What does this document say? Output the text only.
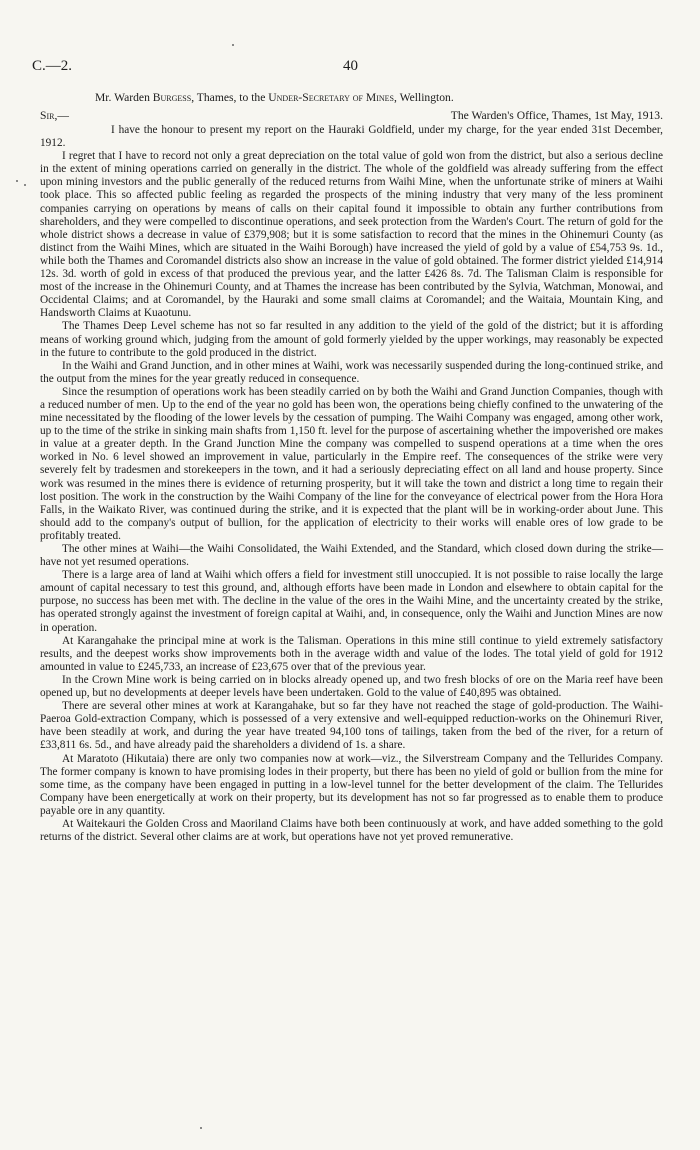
C.—2.	40
Mr. Warden Burgess, Thames, to the Under-Secretary of Mines, Wellington.
Sir,—	The Warden's Office, Thames, 1st May, 1913.

I have the honour to present my report on the Hauraki Goldfield, under my charge, for the year ended 31st December, 1912.

I regret that I have to record not only a great depreciation on the total value of gold won from the district, but also a serious decline in the extent of mining operations carried on generally in the district. The whole of the goldfield was already suffering from the effect upon mining investors and the public generally of the reduced returns from Waihi Mine, when the unfortunate strike of miners at Waihi took place. This so affected public feeling as regarded the prospects of the mining industry that very many of the less prominent companies carrying on operations by means of calls on their capital found it impossible to obtain any further contributions from shareholders, and they were compelled to discontinue operations, and seek protection from the Warden's Court. The return of gold for the whole district shows a decrease in value of £379,908; but it is some satisfaction to record that the mines in the Ohinemuri County (as distinct from the Waihi Mines, which are situated in the Waihi Borough) have increased the yield of gold by a value of £54,753 9s. 1d., while both the Thames and Coromandel districts also show an increase in the value of gold obtained. The former district yielded £14,914 12s. 3d. worth of gold in excess of that produced the previous year, and the latter £426 8s. 7d. The Talisman Claim is responsible for most of the increase in the Ohinemuri County, and at Thames the increase has been contributed by the Sylvia, Watchman, Monowai, and Occidental Claims; and at Coromandel, by the Hauraki and some small claims at Coromandel; and the Waitaia, Mountain King, and Handsworth Claims at Kuaotunu.

The Thames Deep Level scheme has not so far resulted in any addition to the yield of the gold of the district; but it is affording means of working ground which, judging from the amount of gold formerly yielded by the upper workings, may reasonably be expected in the future to contribute to the gold produced in the district.

In the Waihi and Grand Junction, and in other mines at Waihi, work was necessarily suspended during the long-continued strike, and the output from the mines for the year greatly reduced in consequence.

Since the resumption of operations work has been steadily carried on by both the Waihi and Grand Junction Companies, though with a reduced number of men. Up to the end of the year no gold has been won, the operations being chiefly confined to the unwatering of the mine necessitated by the flooding of the lower levels by the cessation of pumping. The Waihi Company was engaged, among other work, up to the time of the strike in sinking main shafts from 1,150 ft. level for the purpose of ascertaining whether the impoverished ore makes in value at a greater depth. In the Grand Junction Mine the company was compelled to suspend operations at a time when the ores worked in No. 6 level showed an improvement in value, particularly in the Empire reef. The consequences of the strike were very severely felt by tradesmen and storekeepers in the town, and it had a seriously depreciating effect on all land and house property. Since work was resumed in the mines there is evidence of returning prosperity, but it will take the town and district a long time to regain their lost position. The work in the construction by the Waihi Company of the line for the conveyance of electrical power from the Hora Hora Falls, in the Waikato River, was continued during the strike, and it is expected that the plant will be in working-order about June. This should add to the company's output of bullion, for the application of electricity to their works will enable ores of low grade to be profitably treated.

The other mines at Waihi—the Waihi Consolidated, the Waihi Extended, and the Standard, which closed down during the strike—have not yet resumed operations.

There is a large area of land at Waihi which offers a field for investment still unoccupied. It is not possible to raise locally the large amount of capital necessary to test this ground, and, although efforts have been made in London and elsewhere to obtain capital for the purpose, no success has been met with. The decline in the value of the ores in the Waihi Mine, and the uncertainty created by the strike, has operated strongly against the investment of foreign capital at Waihi, and, in consequence, only the Waihi and Junction Mines are now in operation.

At Karangahake the principal mine at work is the Talisman. Operations in this mine still continue to yield extremely satisfactory results, and the deepest works show improvements both in the average width and value of the lodes. The total yield of gold for 1912 amounted in value to £245,733, an increase of £23,675 over that of the previous year.

In the Crown Mine work is being carried on in blocks already opened up, and two fresh blocks of ore on the Maria reef have been opened up, but no developments at deeper levels have been undertaken. Gold to the value of £40,895 was obtained.

There are several other mines at work at Karangahake, but so far they have not reached the stage of gold-production. The Waihi-Paeroa Gold-extraction Company, which is possessed of a very extensive and well-equipped reduction-works on the Ohinemuri River, have been steadily at work, and during the year have treated 94,100 tons of tailings, taken from the bed of the river, for a return of £33,811 6s. 5d., and have already paid the shareholders a dividend of 1s. a share.

At Maratoto (Hikutaia) there are only two companies now at work—viz., the Silverstream Company and the Tellurides Company. The former company is known to have promising lodes in their property, but there has been no yield of gold or bullion from the mine for some time, as the company have been engaged in putting in a low-level tunnel for the better development of the claim. The Tellurides Company have been energetically at work on their property, but its development has not so far progressed as to enable them to produce payable ore in any quantity.

At Waitekauri the Golden Cross and Maoriland Claims have both been continuously at work, and have added something to the gold returns of the district. Several other claims are at work, but operations have not yet proved remunerative.
